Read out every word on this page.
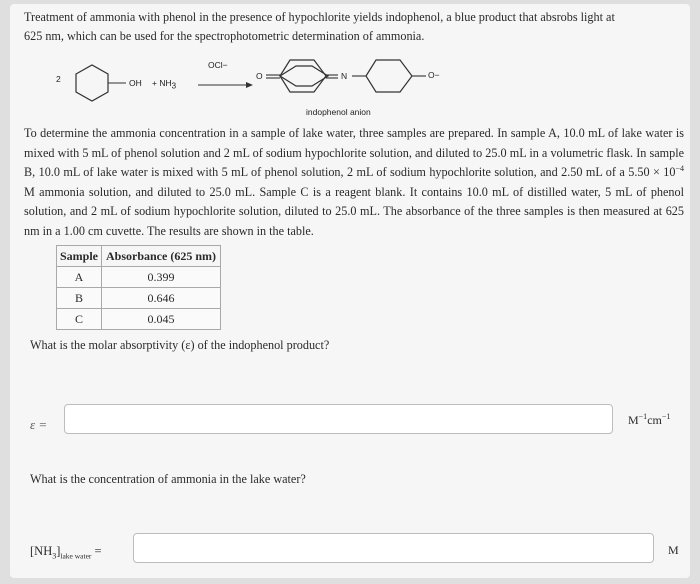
Treatment of ammonia with phenol in the presence of hypochlorite yields indophenol, a blue product that absrobs light at
625 nm, which can be used for the spectrophotometric determination of ammonia.
2	OH + $NH_3$
OCl−
O	N	O−
indophenol anion
To determine the ammonia concentration in a sample of lake water, three samples are prepared. In sample A, 10.0 mL of lake water is mixed with 5 mL of phenol solution and 2 mL of sodium hypochlorite solution, and diluted to 25.0 mL in a volumetric flask. In sample B, 10.0 mL of lake water is mixed with 5 mL of phenol solution, 2 mL of sodium hypochlorite solution, and 2.50 mL of a $5.50 \times 10^{-4}$ M ammonia solution, and diluted to 25.0 mL. Sample C is a reagent blank. It contains 10.0 mL of distilled water, 5 mL of phenol solution, and 2 mL of sodium hypochlorite solution, diluted to 25.0 mL. The absorbance of the three samples is then measured at 625 nm in a 1.00 cm cuvette. The results are shown in the table.
Sample	Absorbance (625 nm)
A	0.399
B	0.646
C	0.045
What is the molar absorptivity (ε) of the indophenol product?
ε =	$M^{-1}cm^{-1}$
What is the concentration of ammonia in the lake water?
$[NH_3]_{lake water}$ =	M
